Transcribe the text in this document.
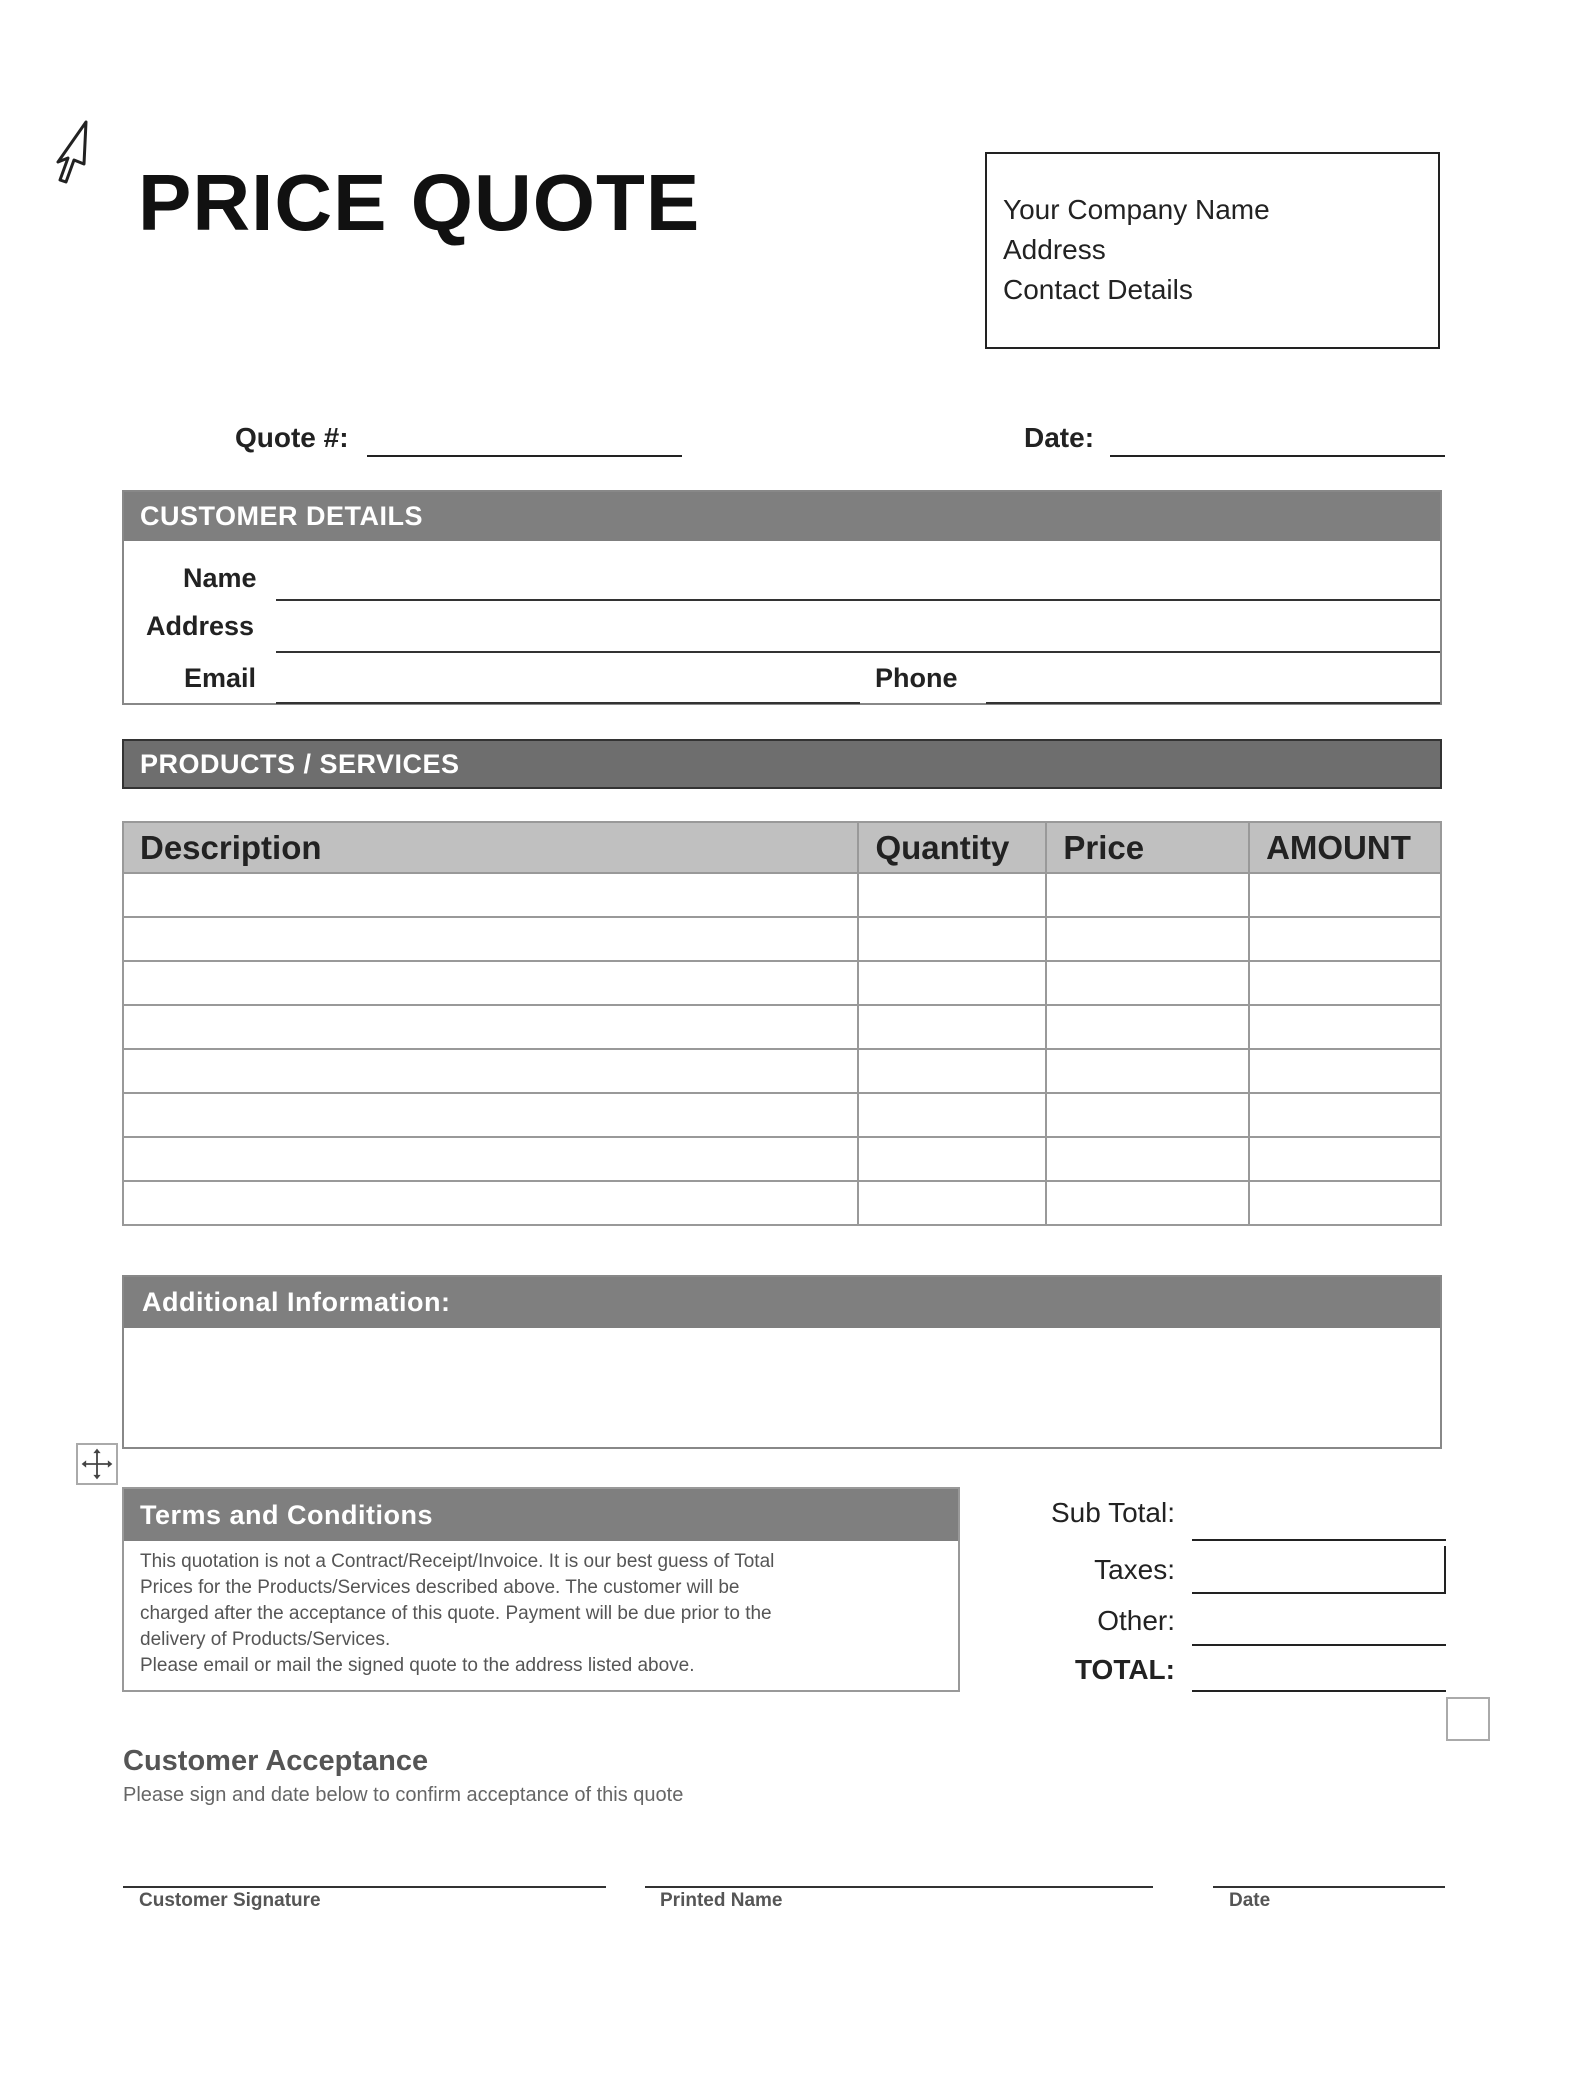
PRICE QUOTE	Your Company Name
Address
Contact Details
Quote #:	Date:
CUSTOMER DETAILS
Name
Address
Email	Phone
PRODUCTS / SERVICES
Description	Quantity	Price	AMOUNT

Additional Information:
Terms and Conditions
This quotation is not a Contract/Receipt/Invoice. It is our best guess of Total
Prices for the Products/Services described above. The customer will be
charged after the acceptance of this quote. Payment will be due prior to the
delivery of Products/Services.
Please email or mail the signed quote to the address listed above.
Sub Total:
Taxes:
Other:
TOTAL:
Customer Acceptance
Please sign and date below to confirm acceptance of this quote
Customer Signature	Printed Name	Date
